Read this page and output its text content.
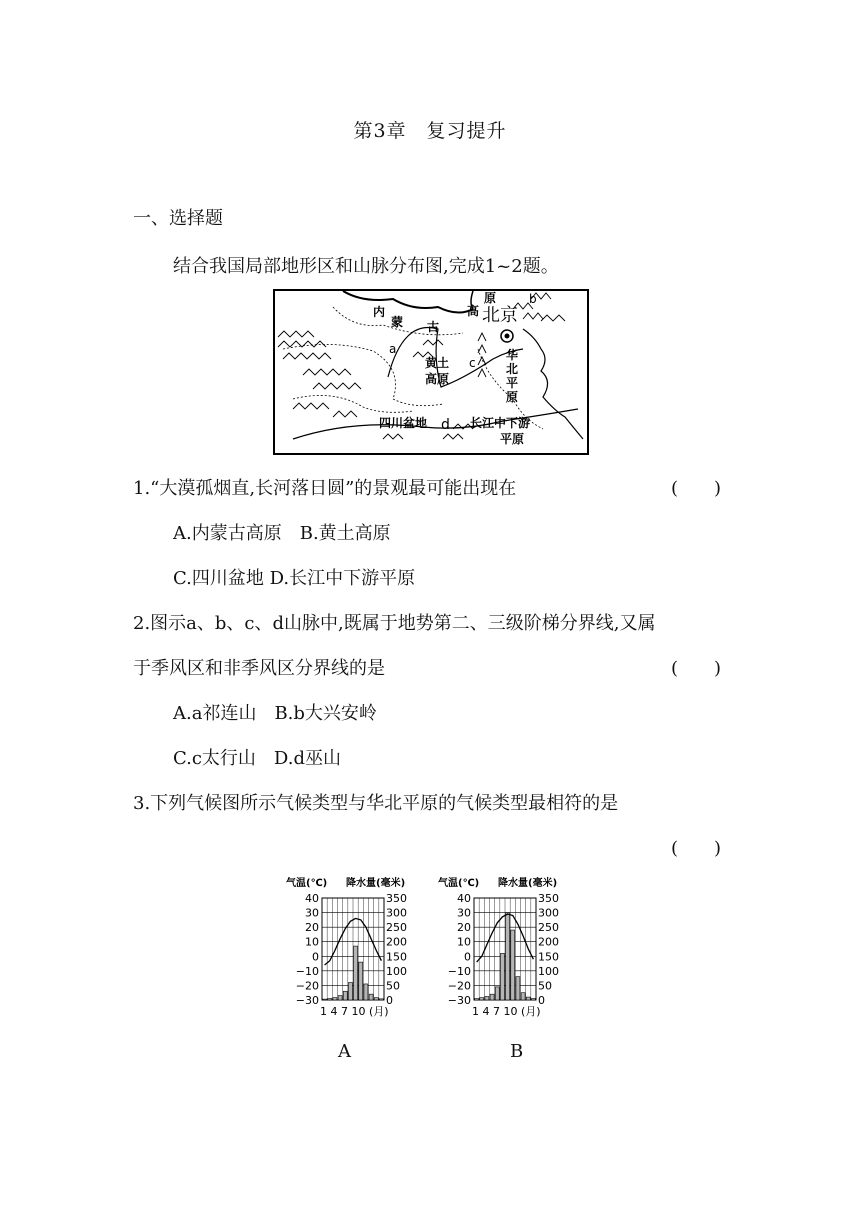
第3章　复习提升
一、选择题
结合我国局部地形区和山脉分布图,完成1~2题。
内
蒙 古
高
原
黄土
高原
华
北
平
原
四川盆地	长江中下游
平原
北京
a
b
c
d
1.“大漠孤烟直,长河落日圆”的景观最可能出现在	(　　)
A.内蒙古高原　B.黄土高原
C.四川盆地 D.长江中下游平原
2.图示a、b、c、d山脉中,既属于地势第二、三级阶梯分界线,又属
于季风区和非季风区分界线的是	(　　)
A.a祁连山　B.b大兴安岭
C.c太行山　D.d巫山
3.下列气候图所示气候类型与华北平原的气候类型最相符的是
(　　)
气温(℃) 降水量(毫米)
40	350
30	300
20	250
10	200
0	150
−10	100
−20	50
−30	0
1 4 7 10 (月)
气温(℃) 降水量(毫米)
40	350
30	300
20	250
10	200
0	150
−10	100
−20	50
−30	0
1 4 7 10 (月)
A	B
